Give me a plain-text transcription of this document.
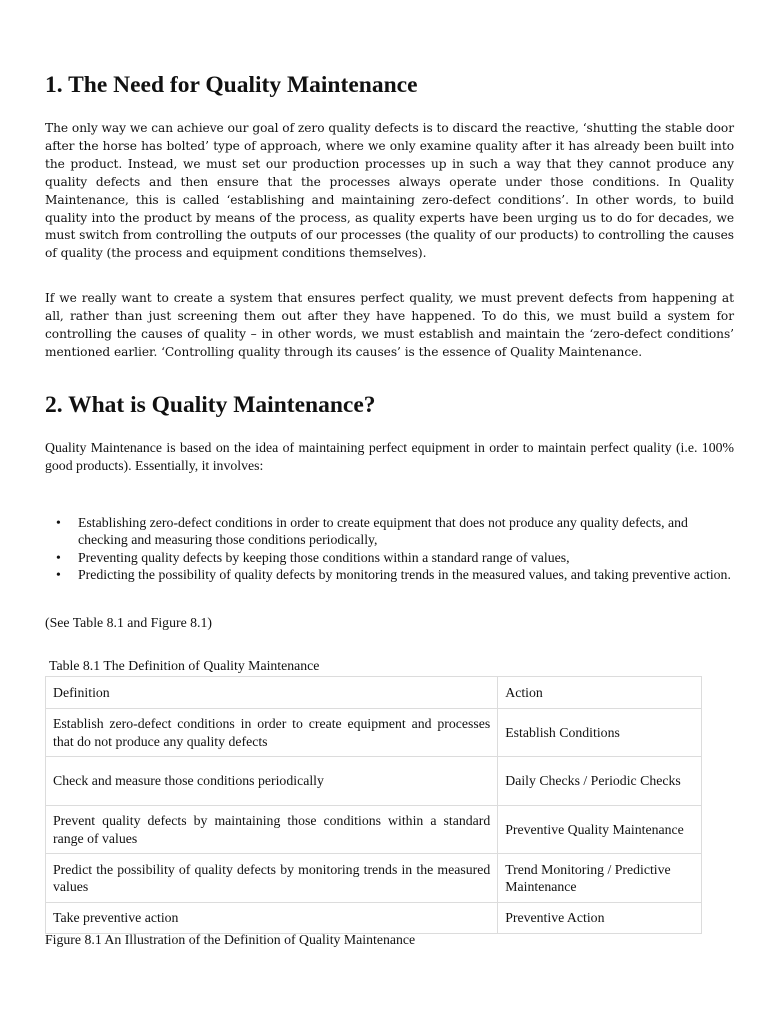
1. The Need for Quality Maintenance

The only way we can achieve our goal of zero quality defects is to discard the reactive, ‘shutting the stable door after the horse has bolted’ type of approach, where we only examine quality after it has already been built into the product. Instead, we must set our production processes up in such a way that they cannot produce any quality defects and then ensure that the processes always operate under those conditions. In Quality Maintenance, this is called ‘establishing and maintaining zero-defect conditions’. In other words, to build quality into the product by means of the process, as quality experts have been urging us to do for decades, we must switch from controlling the outputs of our processes (the quality of our products) to controlling the causes of quality (the process and equipment conditions themselves).

If we really want to create a system that ensures perfect quality, we must prevent defects from happening at all, rather than just screening them out after they have happened. To do this, we must build a system for controlling the causes of quality – in other words, we must establish and maintain the ‘zero-defect conditions’ mentioned earlier. ‘Controlling quality through its causes’ is the essence of Quality Maintenance.

2. What is Quality Maintenance?

Quality Maintenance is based on the idea of maintaining perfect equipment in order to maintain perfect quality (i.e. 100% good products). Essentially, it involves:

• Establishing zero-defect conditions in order to create equipment that does not produce any quality defects, and checking and measuring those conditions periodically,
• Preventing quality defects by keeping those conditions within a standard range of values,
• Predicting the possibility of quality defects by monitoring trends in the measured values, and taking preventive action.

(See Table 8.1 and Figure 8.1)

Table 8.1 The Definition of Quality Maintenance
Definition	Action
Establish zero-defect conditions in order to create equipment and processes that do not produce any quality defects	Establish Conditions
Check and measure those conditions periodically	Daily Checks / Periodic Checks
Prevent quality defects by maintaining those conditions within a standard range of values	Preventive Quality Maintenance
Predict the possibility of quality defects by monitoring trends in the measured values	Trend Monitoring / Predictive Maintenance
Take preventive action	Preventive Action
Figure 8.1 An Illustration of the Definition of Quality Maintenance
